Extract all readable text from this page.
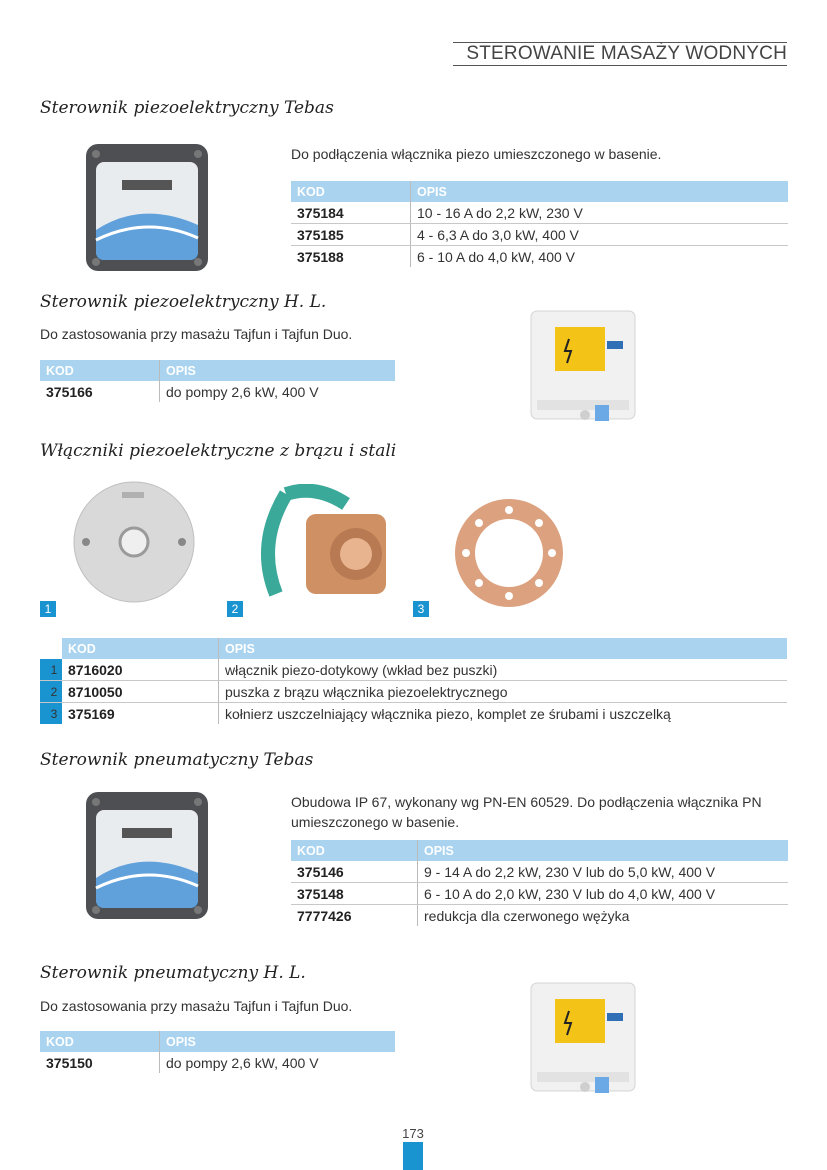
STEROWANIE MASAŻY WODNYCH
Sterownik piezoelektryczny Tebas
Do podłączenia włącznika piezo umieszczonego w basenie.
KOD	OPIS
375184	10 - 16 A do 2,2 kW, 230 V
375185	4 - 6,3 A do 3,0 kW, 400 V
375188	6 - 10 A do 4,0 kW, 400 V
Sterownik piezoelektryczny H. L.
Do zastosowania przy masażu Tajfun i Tajfun Duo.
KOD	OPIS
375166	do pompy 2,6 kW, 400 V
Włączniki piezoelektryczne z brązu i stali
1	2	3
	KOD	OPIS
1	8716020	włącznik piezo-dotykowy (wkład bez puszki)
2	8710050	puszka z brązu włącznika piezoelektrycznego
3	375169	kołnierz uszczelniający włącznika piezo, komplet ze śrubami i uszczelką
Sterownik pneumatyczny Tebas
Obudowa IP 67, wykonany wg PN-EN 60529. Do podłączenia włącznika PN umieszczonego w basenie.
KOD	OPIS
375146	9 - 14 A do 2,2 kW, 230 V lub do 5,0 kW, 400 V
375148	6 - 10 A do 2,0 kW, 230 V lub do 4,0 kW, 400 V
7777426	redukcja dla czerwonego wężyka
Sterownik pneumatyczny H. L.
Do zastosowania przy masażu Tajfun i Tajfun Duo.
KOD	OPIS
375150	do pompy 2,6 kW, 400 V
173
